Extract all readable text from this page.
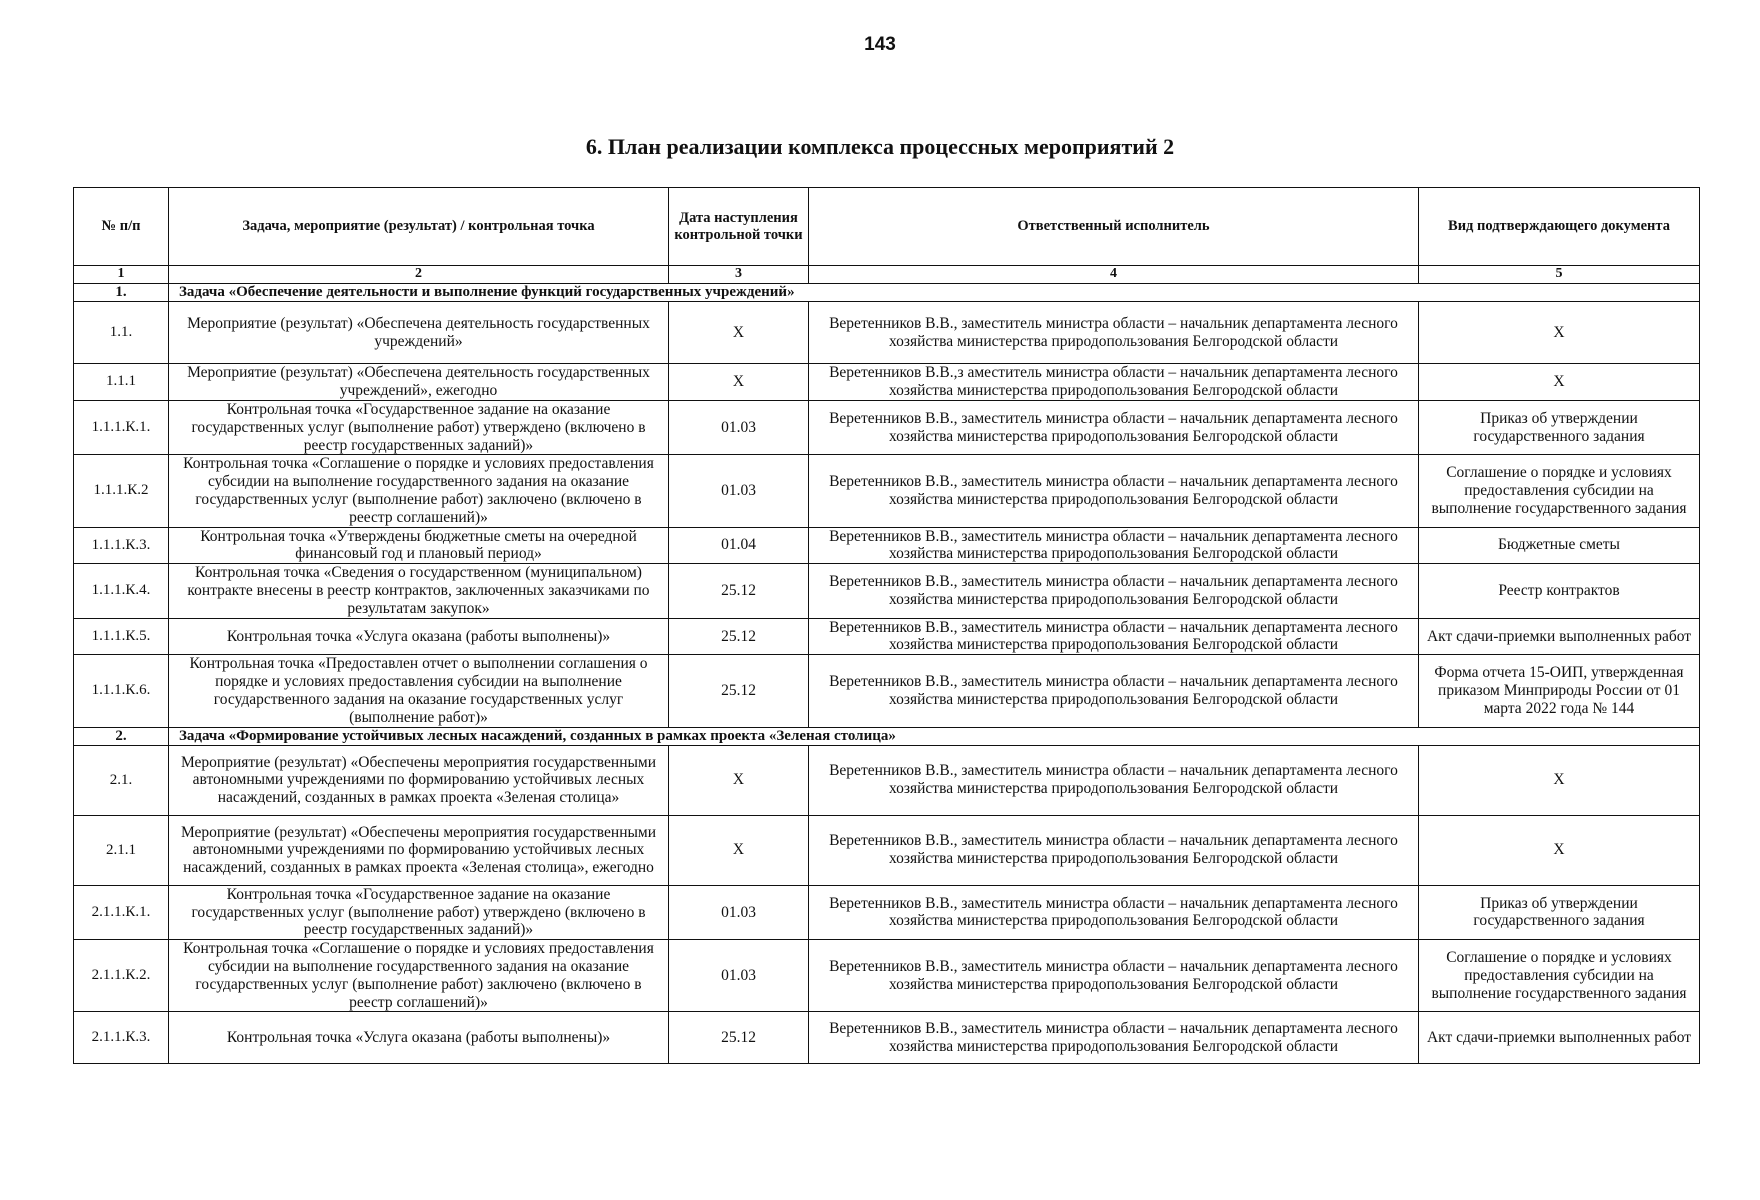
143
6. План реализации комплекса процессных мероприятий 2
№ п/п	Задача, мероприятие (результат) / контрольная точка	Дата наступления контрольной точки	Ответственный исполнитель	Вид подтверждающего документа
1	2	3	4	5
1.	Задача «Обеспечение деятельности и выполнение функций государственных учреждений»			
1.1.	Мероприятие (результат) «Обеспечена деятельность государственных учреждений»	Х	Веретенников В.В., заместитель министра области – начальник департамента лесного хозяйства министерства природопользования Белгородской области	Х
1.1.1	Мероприятие (результат) «Обеспечена деятельность государственных учреждений», ежегодно	Х	Веретенников В.В.,з аместитель министра области – начальник департамента лесного хозяйства министерства природопользования Белгородской области	Х
1.1.1.К.1.	Контрольная точка «Государственное задание на оказание государственных услуг (выполнение работ) утверждено (включено в реестр государственных заданий)»	01.03	Веретенников В.В., заместитель министра области – начальник департамента лесного хозяйства министерства природопользования Белгородской области	Приказ об утверждении государственного задания
1.1.1.К.2	Контрольная точка «Соглашение о порядке и условиях предоставления субсидии на выполнение государственного задания на оказание государственных услуг (выполнение работ) заключено (включено в реестр соглашений)»	01.03	Веретенников В.В., заместитель министра области – начальник департамента лесного хозяйства министерства природопользования Белгородской области	Соглашение о порядке и условиях предоставления субсидии на выполнение государственного задания
1.1.1.К.3.	Контрольная точка «Утверждены бюджетные сметы на очередной финансовый год и плановый период»	01.04	Веретенников В.В., заместитель министра области – начальник департамента лесного хозяйства министерства природопользования Белгородской области	Бюджетные сметы
1.1.1.К.4.	Контрольная точка «Сведения о государственном (муниципальном) контракте внесены в реестр контрактов, заключенных заказчиками по результатам закупок»	25.12	Веретенников В.В., заместитель министра области – начальник департамента лесного хозяйства министерства природопользования Белгородской области	Реестр контрактов
1.1.1.К.5.	Контрольная точка «Услуга оказана (работы выполнены)»	25.12	Веретенников В.В., заместитель министра области – начальник департамента лесного хозяйства министерства природопользования Белгородской области	Акт сдачи-приемки выполненных работ
1.1.1.К.6.	Контрольная точка «Предоставлен отчет о выполнении соглашения о порядке и условиях предоставления субсидии на выполнение государственного задания на оказание государственных услуг (выполнение работ)»	25.12	Веретенников В.В., заместитель министра области – начальник департамента лесного хозяйства министерства природопользования Белгородской области	Форма отчета 15-ОИП, утвержденная приказом Минприроды России от 01 марта 2022 года № 144
2.	Задача «Формирование устойчивых лесных насаждений, созданных в рамках проекта «Зеленая столица»			
2.1.	Мероприятие (результат) «Обеспечены мероприятия государственными автономными учреждениями по формированию устойчивых лесных насаждений, созданных в рамках проекта «Зеленая столица»	Х	Веретенников В.В., заместитель министра области – начальник департамента лесного хозяйства министерства природопользования Белгородской области	Х
2.1.1	Мероприятие (результат) «Обеспечены мероприятия государственными автономными учреждениями по формированию устойчивых лесных насаждений, созданных в рамках проекта «Зеленая столица», ежегодно	Х	Веретенников В.В., заместитель министра области – начальник департамента лесного хозяйства министерства природопользования Белгородской области	Х
2.1.1.К.1.	Контрольная точка «Государственное задание на оказание государственных услуг (выполнение работ) утверждено (включено в реестр государственных заданий)»	01.03	Веретенников В.В., заместитель министра области – начальник департамента лесного хозяйства министерства природопользования Белгородской области	Приказ об утверждении государственного задания
2.1.1.К.2.	Контрольная точка «Соглашение о порядке и условиях предоставления субсидии на выполнение государственного задания на оказание государственных услуг (выполнение работ) заключено (включено в реестр соглашений)»	01.03	Веретенников В.В., заместитель министра области – начальник департамента лесного хозяйства министерства природопользования Белгородской области	Соглашение о порядке и условиях предоставления субсидии на выполнение государственного задания
2.1.1.К.3.	Контрольная точка «Услуга оказана (работы выполнены)»	25.12	Веретенников В.В., заместитель министра области – начальник департамента лесного хозяйства министерства природопользования Белгородской области	Акт сдачи-приемки выполненных работ
